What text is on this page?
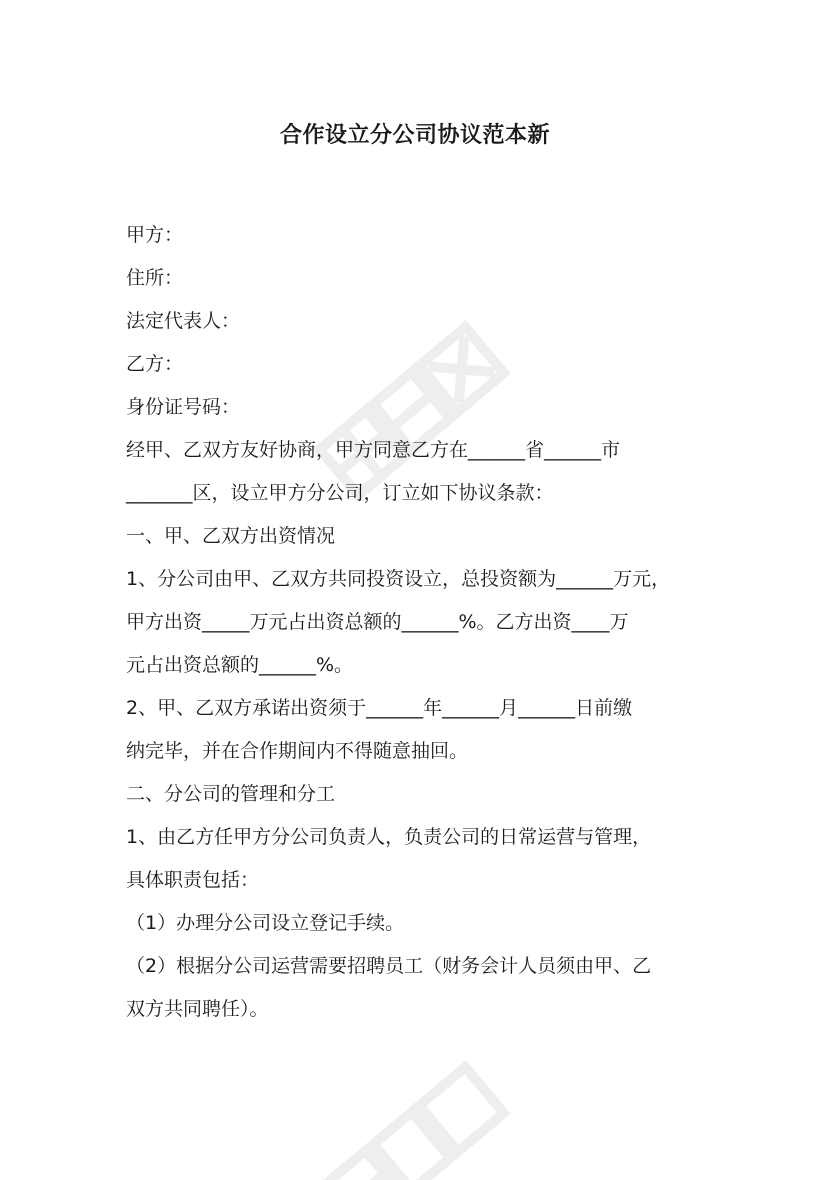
合作设立分公司协议范本新
甲方：
住所：
法定代表人：
乙方：
身份证号码：
经甲、乙双方友好协商，甲方同意乙方在______省______市
_______区，设立甲方分公司，订立如下协议条款：
一、甲、乙双方出资情况
1、分公司由甲、乙双方共同投资设立，总投资额为______万元，
甲方出资_____万元占出资总额的______%。乙方出资____万
元占出资总额的______%。
2、甲、乙双方承诺出资须于______年______月______日前缴
纳完毕，并在合作期间内不得随意抽回。
二、分公司的管理和分工
1、由乙方任甲方分公司负责人，负责公司的日常运营与管理，
具体职责包括：
（1）办理分公司设立登记手续。
（2）根据分公司运营需要招聘员工（财务会计人员须由甲、乙
双方共同聘任）。
